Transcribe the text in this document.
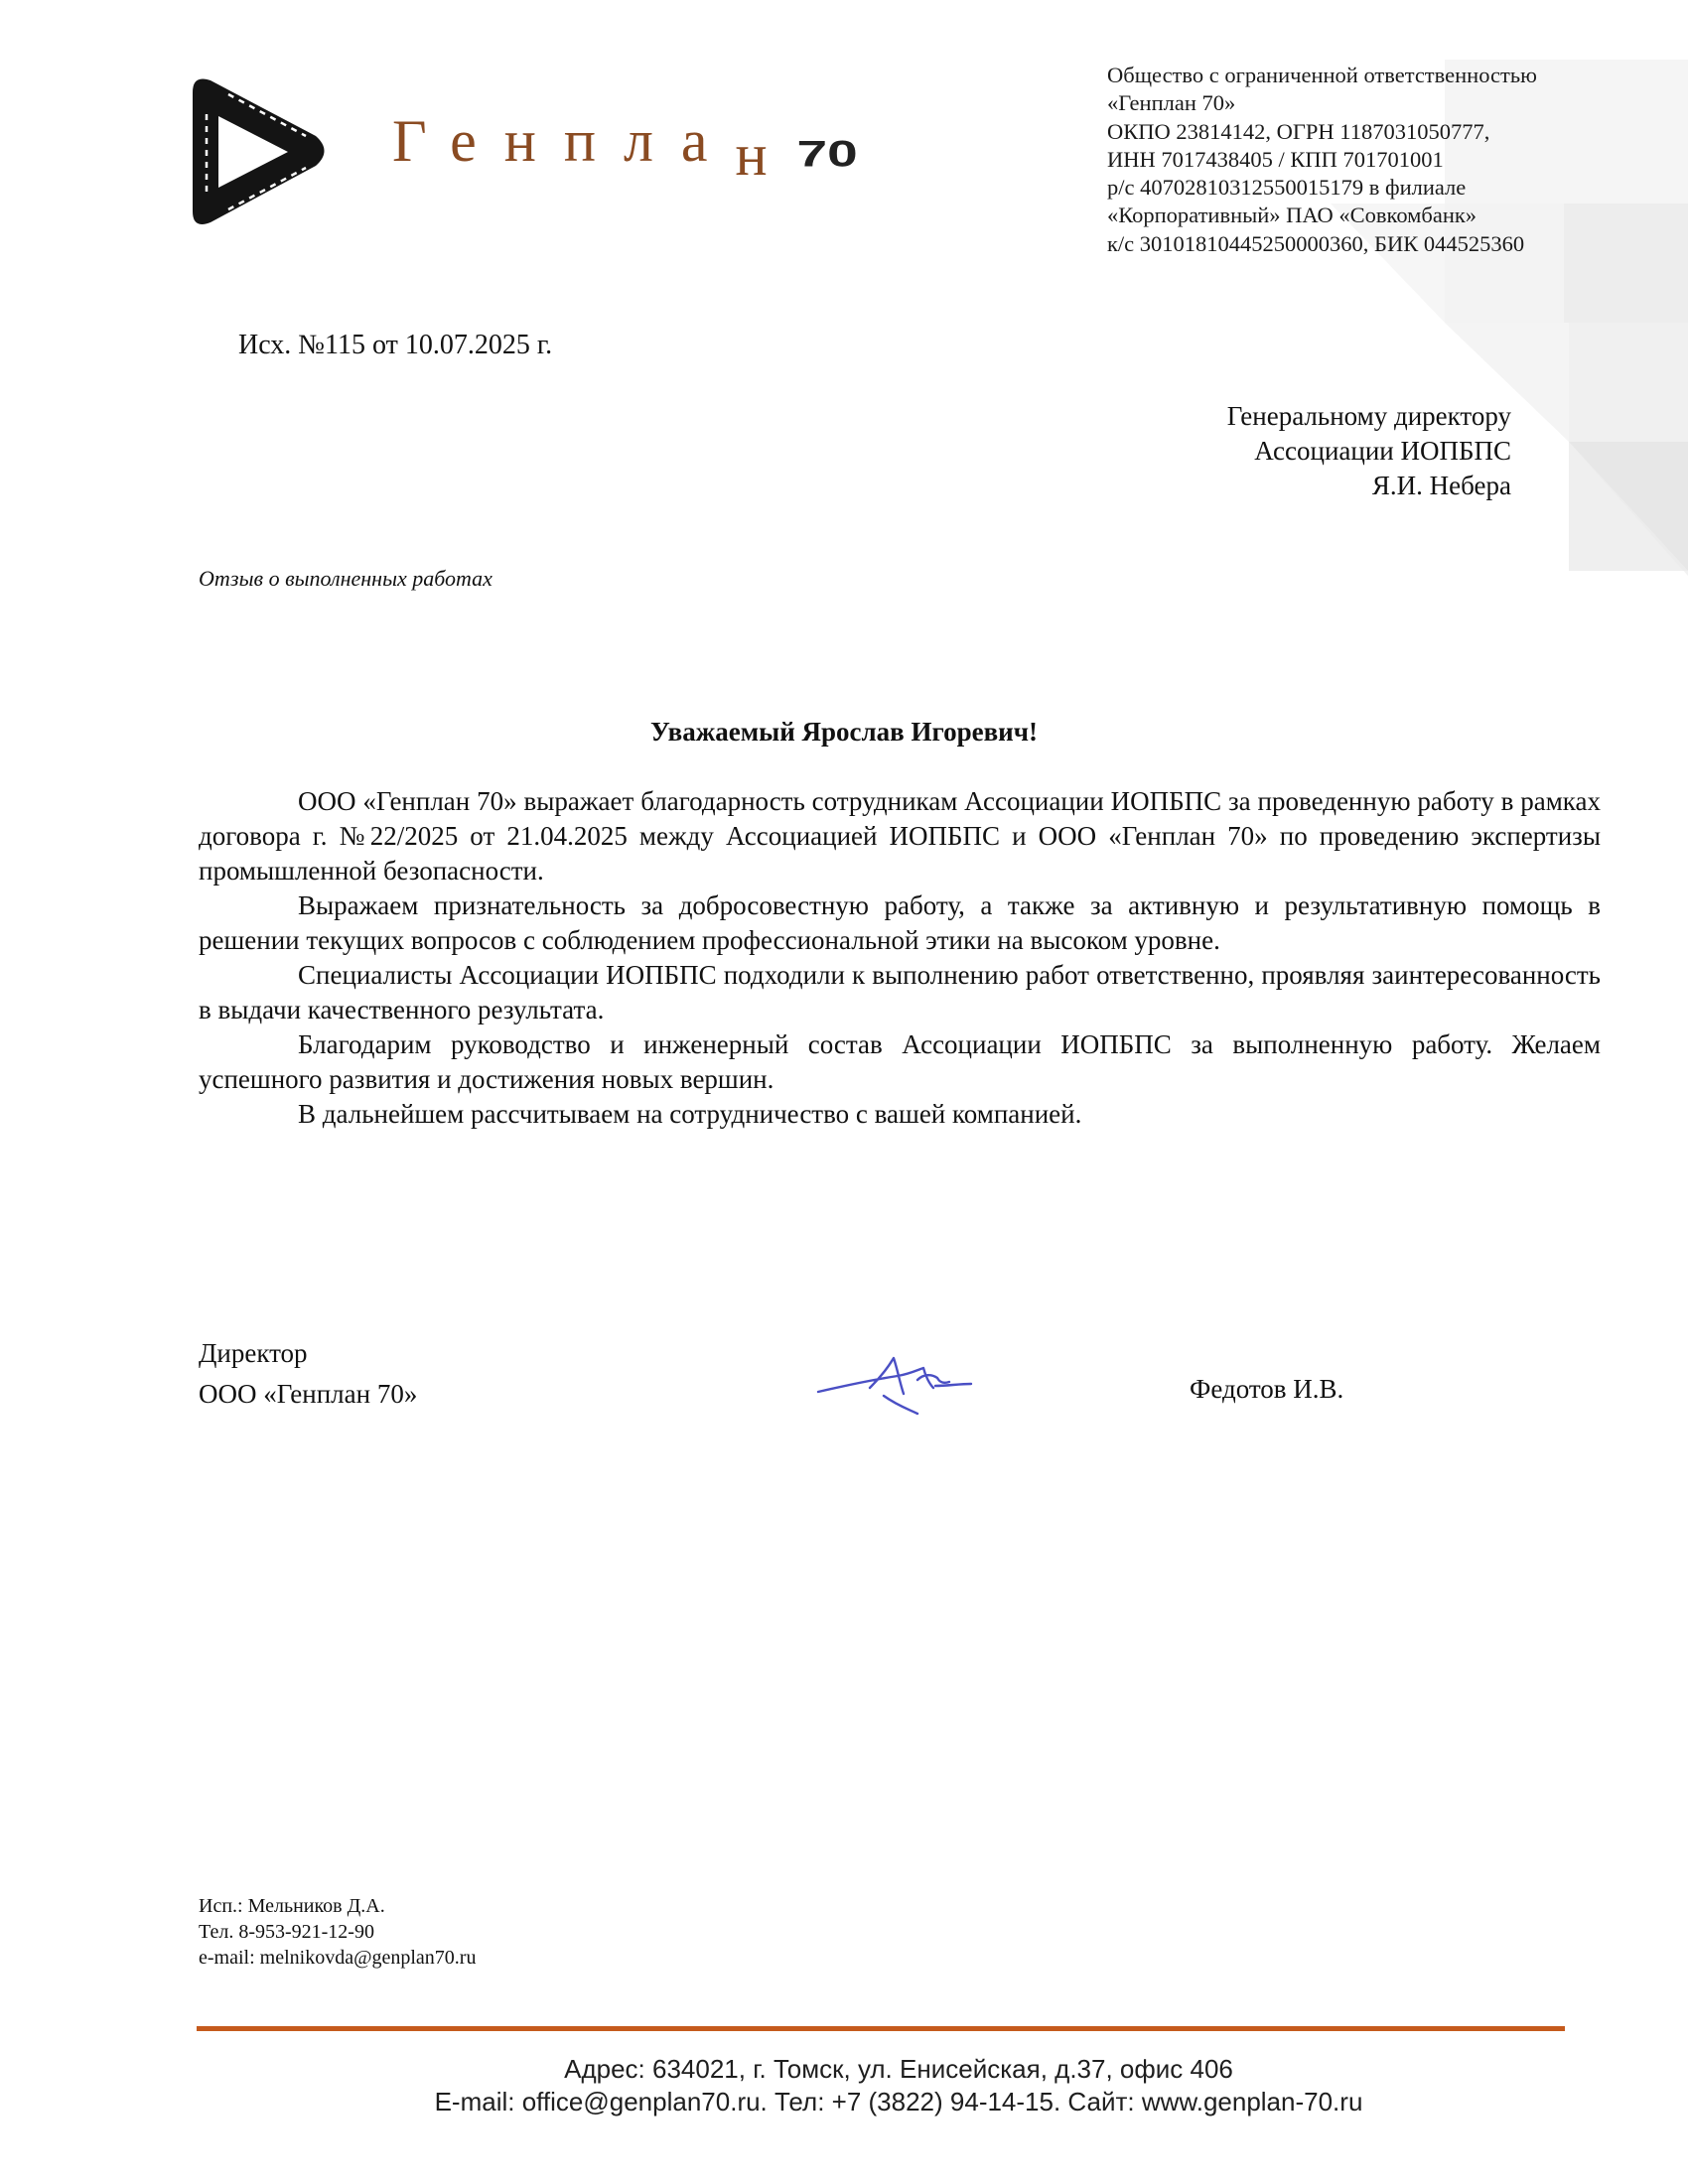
Генплан 70
Общество с ограниченной ответственностью
«Генплан 70»
ОКПО 23814142, ОГРН 1187031050777,
ИНН 7017438405 / КПП 701701001
р/с 40702810312550015179 в филиале
«Корпоративный» ПАО «Совкомбанк»
к/с 30101810445250000360, БИК 044525360
Исх. №115 от 10.07.2025 г.
Генеральному директору
Ассоциации ИОПБПС
Я.И. Небера
Отзыв о выполненных работах
Уважаемый Ярослав Игоревич!

ООО «Генплан 70» выражает благодарность сотрудникам Ассоциации ИОПБПС за проведенную работу в рамках договора г. №22/2025 от 21.04.2025 между Ассоциацией ИОПБПС и ООО «Генплан 70» по проведению экспертизы промышленной безопасности.

Выражаем признательность за добросовестную работу, а также за активную и результативную помощь в решении текущих вопросов с соблюдением профессиональной этики на высоком уровне.

Специалисты Ассоциации ИОПБПС подходили к выполнению работ ответственно, проявляя заинтересованность в выдачи качественного результата.

Благодарим руководство и инженерный состав Ассоциации ИОПБПС за выполненную работу. Желаем успешного развития и достижения новых вершин.

В дальнейшем рассчитываем на сотрудничество с вашей компанией.

Директор
ООО «Генплан 70»	Федотов И.В.
Исп.: Мельников Д.А.
Тел. 8-953-921-12-90
e-mail: melnikovda@genplan70.ru
Адрес: 634021, г. Томск, ул. Енисейская, д.37, офис 406
E-mail: office@genplan70.ru. Тел: +7 (3822) 94-14-15. Сайт: www.genplan-70.ru
